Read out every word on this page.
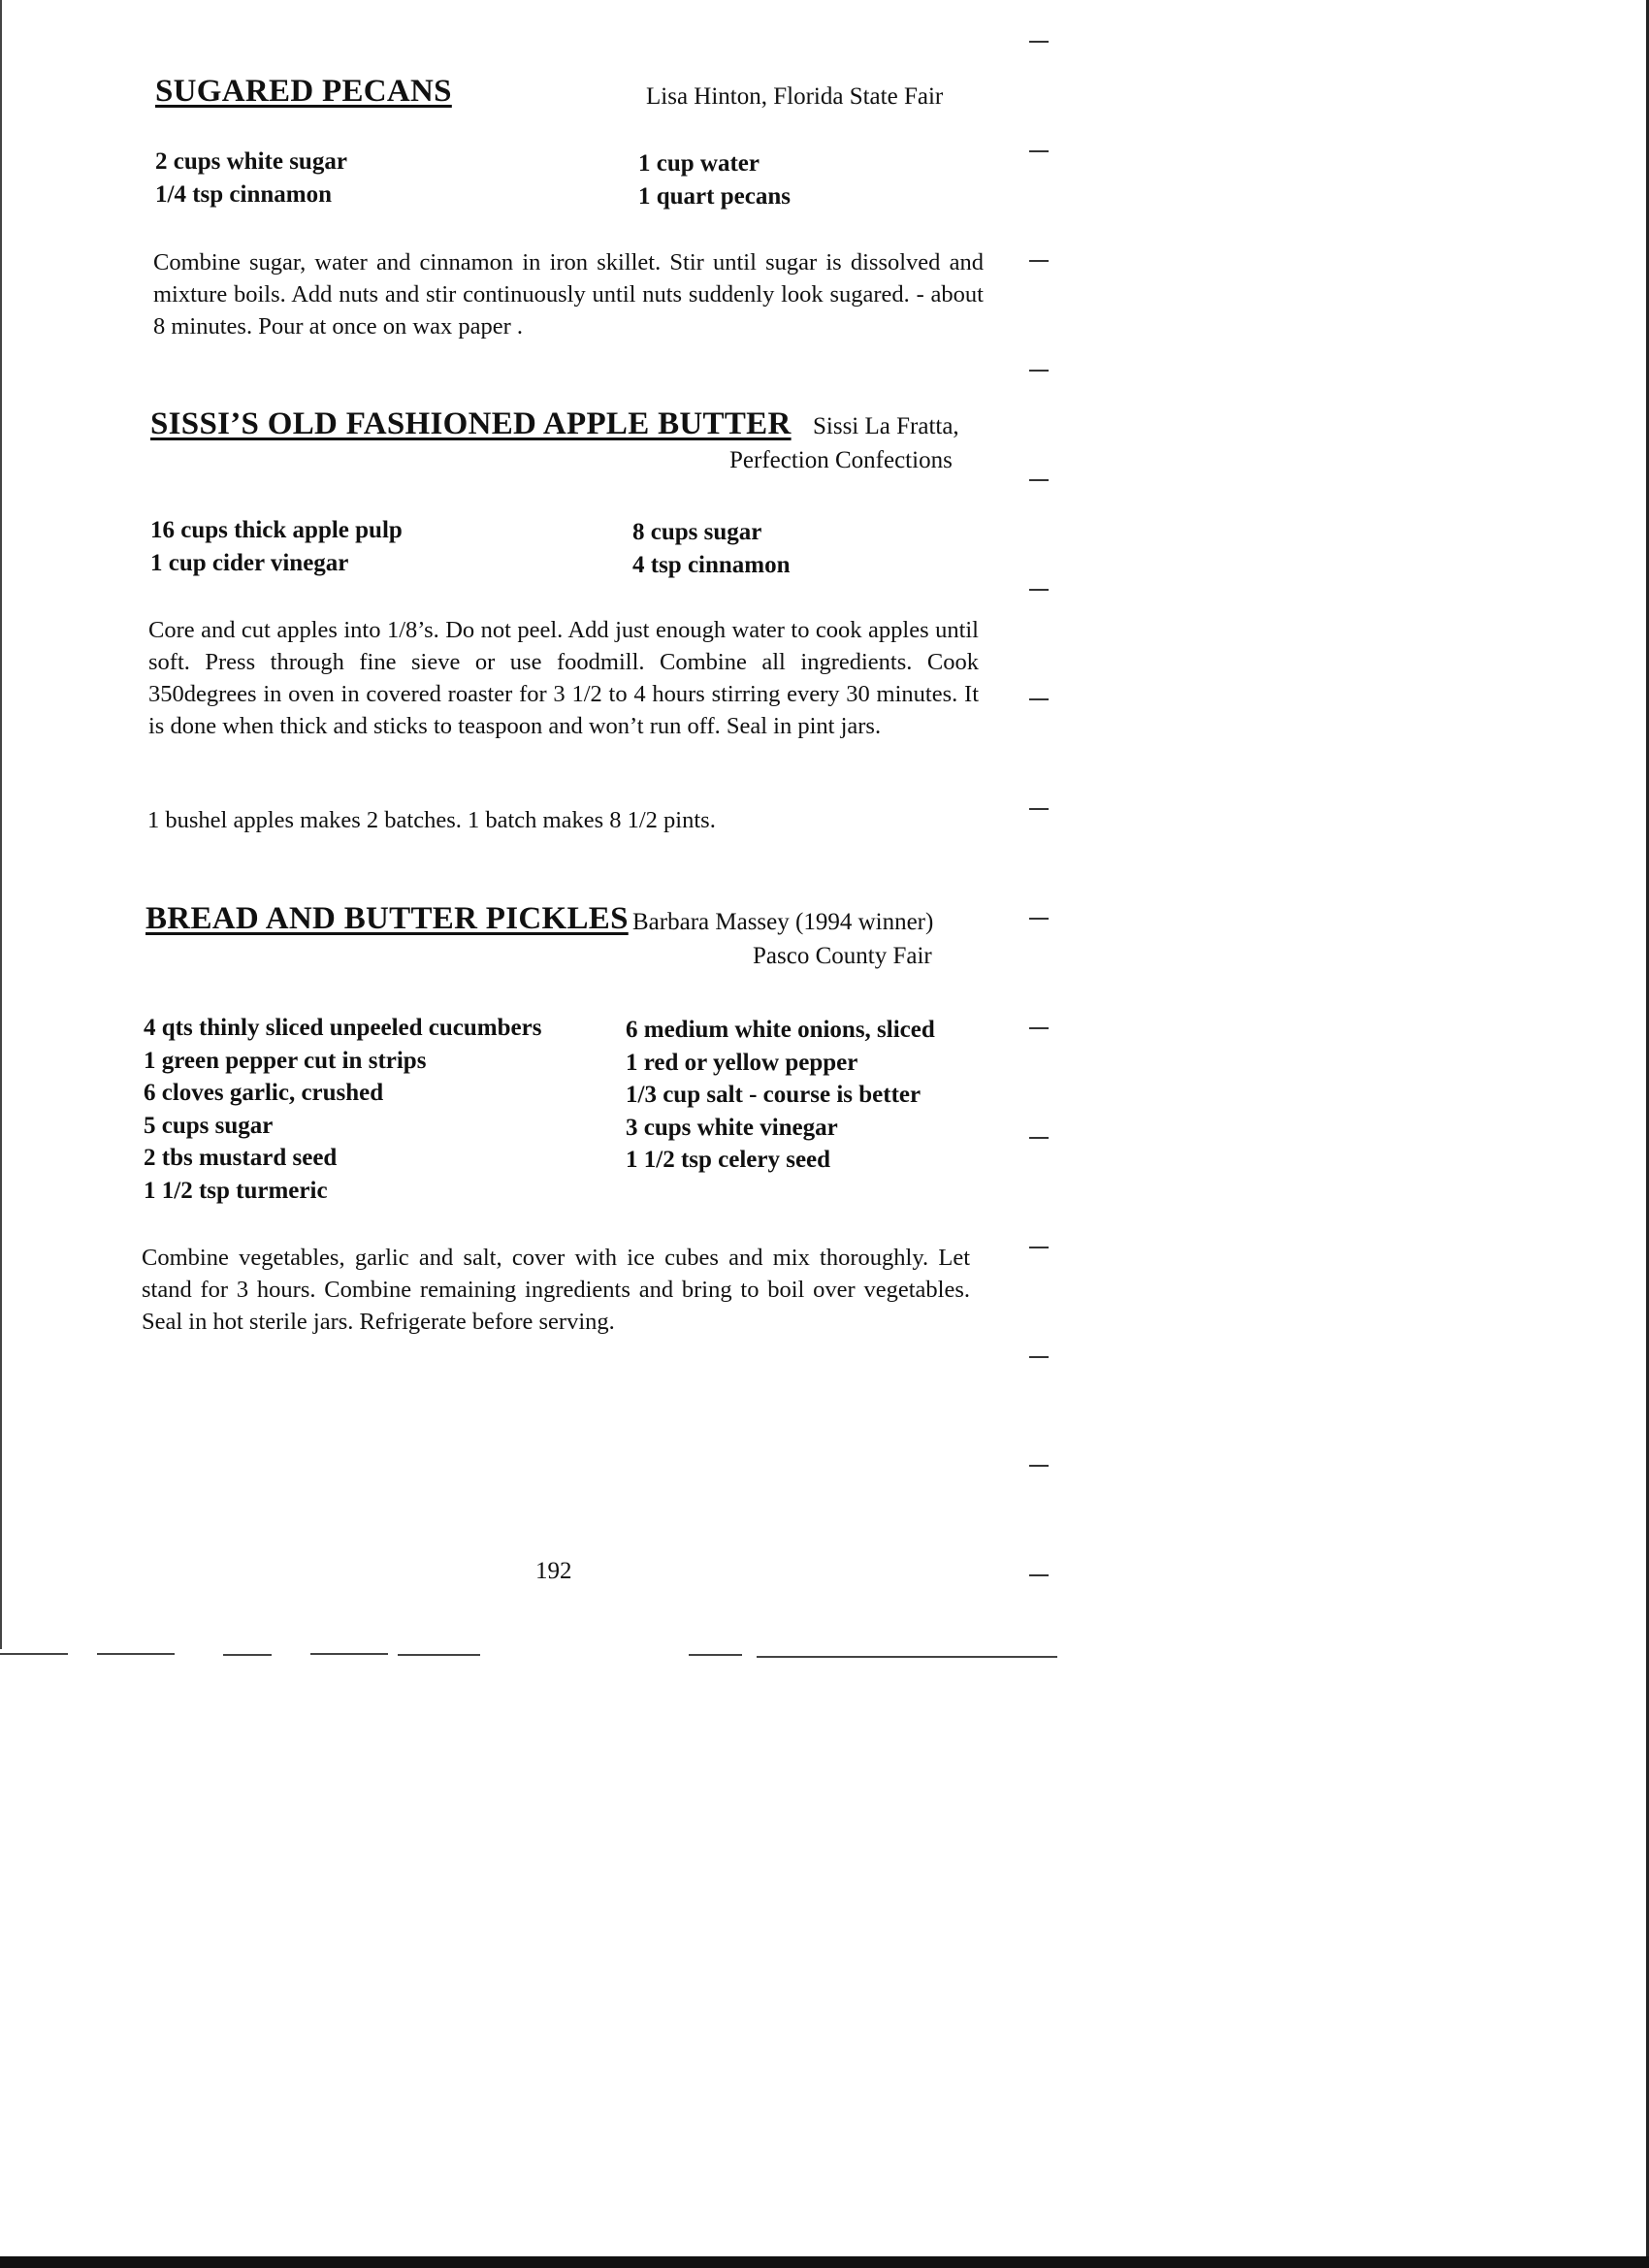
SUGARED PECANS	Lisa Hinton, Florida State Fair
2 cups white sugar
1/4 tsp cinnamon
1 cup water
1 quart pecans
Combine sugar, water and cinnamon in iron skillet. Stir until sugar is dissolved and mixture boils. Add nuts and stir continuously until nuts suddenly look sugared. - about 8 minutes. Pour at once on wax paper .
SISSI’S OLD FASHIONED APPLE BUTTER Sissi La Fratta,
Perfection Confections
16 cups thick apple pulp
1 cup cider vinegar
8 cups sugar
4 tsp cinnamon
Core and cut apples into 1/8’s. Do not peel. Add just enough water to cook apples until soft. Press through fine sieve or use foodmill. Combine all ingredients. Cook 350degrees in oven in covered roaster for 3 1/2 to 4 hours stirring every 30 minutes. It is done when thick and sticks to teaspoon and won’t run off. Seal in pint jars.
1 bushel apples makes 2 batches. 1 batch makes 8 1/2 pints.
BREAD AND BUTTER PICKLES Barbara Massey (1994 winner)
Pasco County Fair
4 qts thinly sliced unpeeled cucumbers
1 green pepper cut in strips
6 cloves garlic, crushed
5 cups sugar
2 tbs mustard seed
1 1/2 tsp turmeric
6 medium white onions, sliced
1 red or yellow pepper
1/3 cup salt - course is better
3 cups white vinegar
1 1/2 tsp celery seed
Combine vegetables, garlic and salt, cover with ice cubes and mix thoroughly. Let stand for 3 hours. Combine remaining ingredients and bring to boil over vegetables. Seal in hot sterile jars. Refrigerate before serving.
192
